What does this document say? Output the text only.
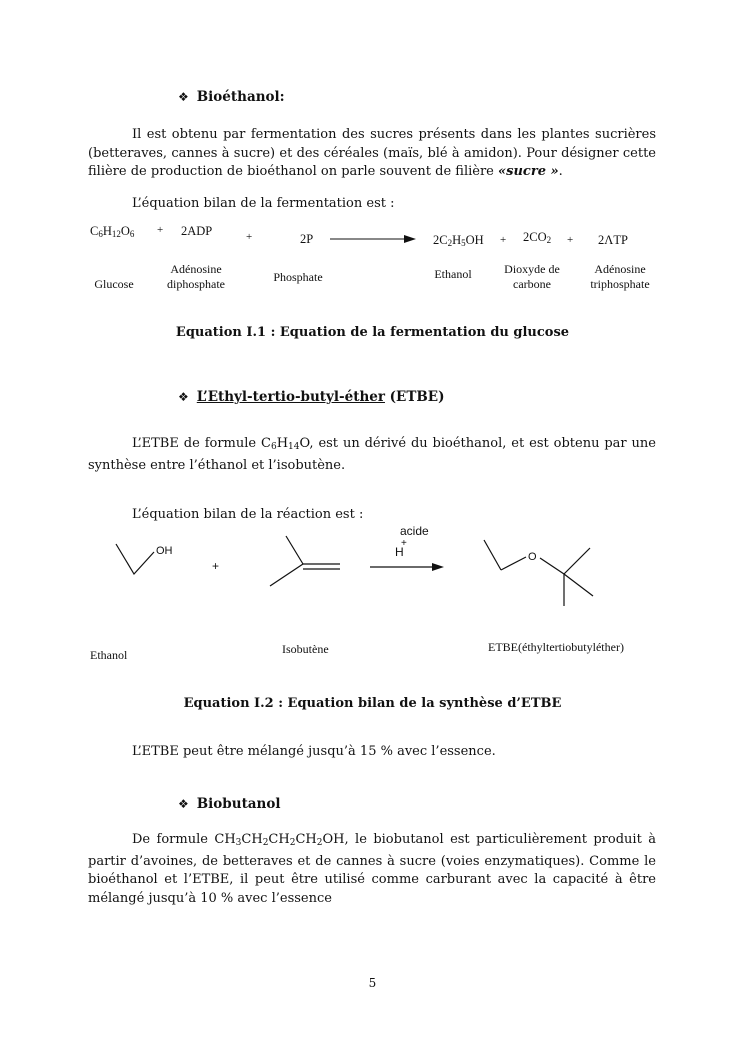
❖ Bioéthanol:
Il est obtenu par fermentation des sucres présents dans les plantes sucrières (betteraves, cannes à sucre) et des céréales (maïs, blé à amidon). Pour désigner cette filière de production de bioéthanol on parle souvent de filière «sucre ».
L’équation bilan de la fermentation est :
$C_6H_{12}O_6 + 2ADP$	+	2P	$2C_2H_5OH + 2CO_2 + 2\Lambda TP$
Glucose
Adénosine
diphosphate	Phosphate	Ethanol	Dioxyde de
carbone
Adénosine
triphosphate
Equation I.1 : Equation de la fermentation du glucose
❖ L’Ethyl-tertio-butyl-éther (ETBE)
L’ETBE de formule $C_6H_{14}O$, est un dérivé du bioéthanol, et est obtenu par une synthèse entre l’éthanol et l’isobutène.
L’équation bilan de la réaction est :
OH
+
acide
+
H	O
Ethanol	Isobutène	ETBE(éthyltertiobutyléther)
Equation I.2 : Equation bilan de la synthèse d’ETBE
L’ETBE peut être mélangé jusqu’à 15 % avec l’essence.
❖ Biobutanol
De formule $CH_3CH_2CH_2CH_2OH$, le biobutanol est particulièrement produit à partir d’avoines, de betteraves et de cannes à sucre (voies enzymatiques). Comme le bioéthanol et l’ETBE, il peut être utilisé comme carburant avec la capacité à être mélangé jusqu’à 10 % avec l’essence
5
